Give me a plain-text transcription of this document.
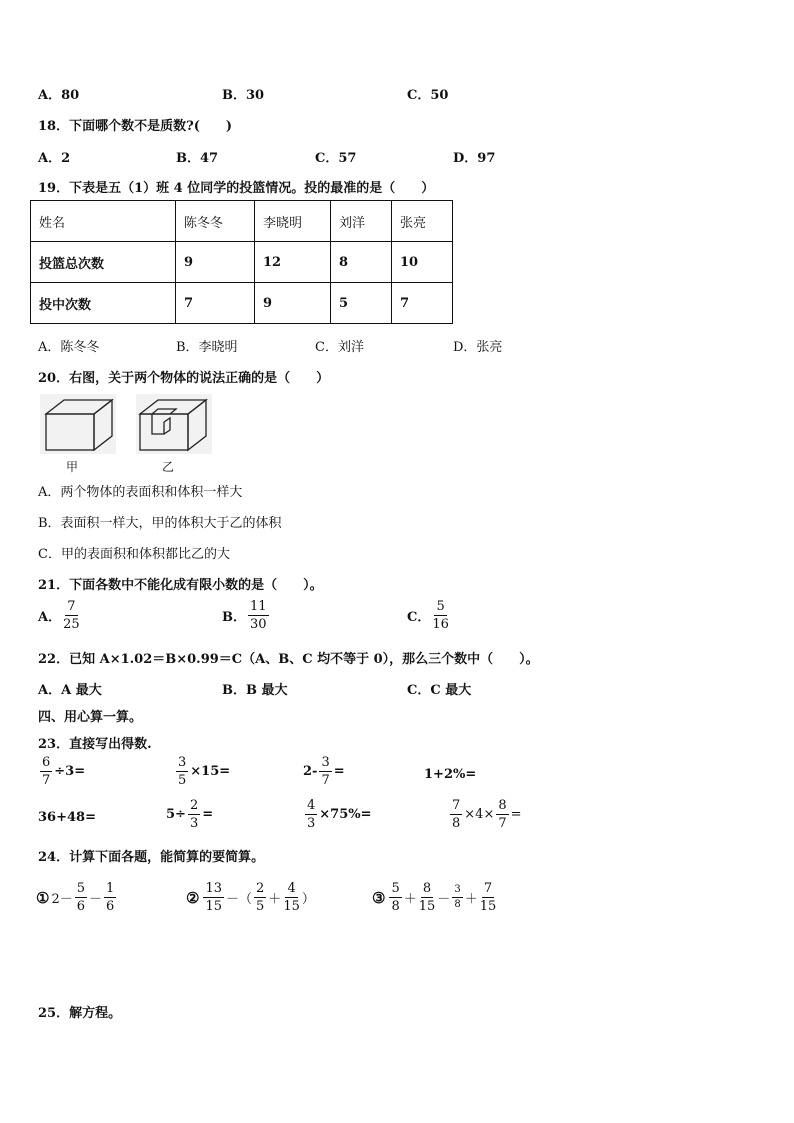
A．80	B．30	C．50
18．下面哪个数不是质数?(　　)
A．2	B．47	C．57	D．97
19．下表是五（1）班 4 位同学的投篮情况。投的最准的是（　　）
姓名	陈冬冬	李晓明	刘洋	张亮
投篮总次数	9	12	8	10
投中次数	7	9	5	7
A．陈冬冬	B．李晓明	C．刘洋	D．张亮
20．右图，关于两个物体的说法正确的是（　　）
甲	乙
A．两个物体的表面积和体积一样大
B．表面积一样大，甲的体积大于乙的体积
C．甲的表面积和体积都比乙的大
21．下面各数中不能化成有限小数的是（　　）。
A． $\frac{7}{25}$	B． $\frac{11}{30}$	C． $\frac{5}{16}$
22．已知 A×1.02＝B×0.99＝C（A、B、C 均不等于 0），那么三个数中（　　）。
A．A 最大	B．B 最大	C．C 最大
四、用心算一算。
23．直接写出得数.
$\frac{6}{7} \div 3=$	$\frac{3}{5} \times 15=$	$2- \frac{3}{7}$ =	1+2%=
36+48=	$5\div \frac{2}{3}$ =	$\frac{4}{3} \times 75\%=$	$\frac{7}{8} \times 4\times \frac{8}{7}$ =
24．计算下面各题，能简算的要简算。
① $2- \frac{5}{6} - \frac{1}{6}$	② $\frac{13}{15}$ －（ $\frac{2}{5} + \frac{4}{15}$ ）	③ $\frac{5}{8} + \frac{8}{15} - \frac{3}{8} + \frac{7}{15}$
25．解方程。
